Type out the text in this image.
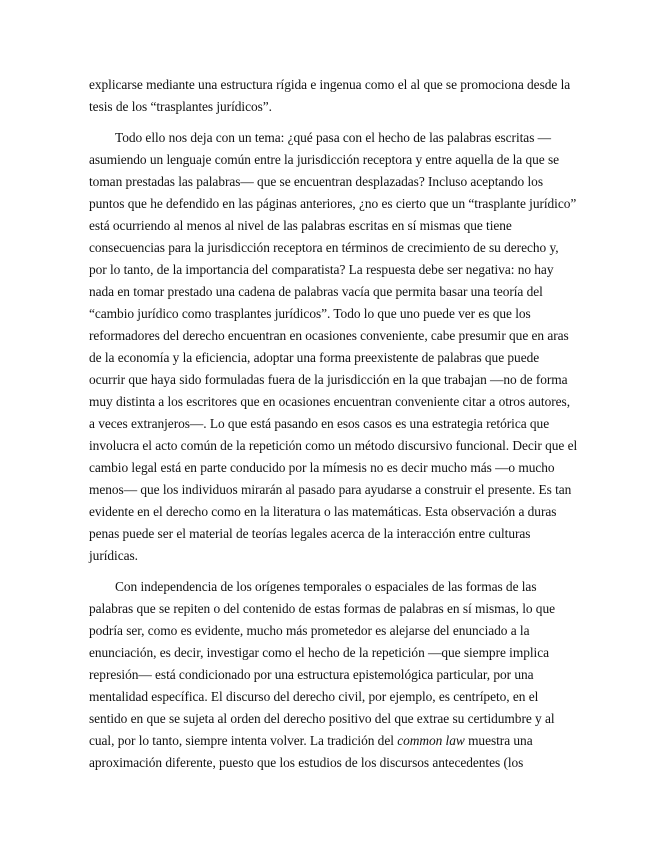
explicarse mediante una estructura rígida e ingenua como el al que se promociona desde la
tesis de los “trasplantes jurídicos”.
Todo ello nos deja con un tema: ¿qué pasa con el hecho de las palabras escritas —
asumiendo un lenguaje común entre la jurisdicción receptora y entre aquella de la que se
toman prestadas las palabras— que se encuentran desplazadas? Incluso aceptando los
puntos que he defendido en las páginas anteriores, ¿no es cierto que un “trasplante jurídico”
está ocurriendo al menos al nivel de las palabras escritas en sí mismas que tiene
consecuencias para la jurisdicción receptora en términos de crecimiento de su derecho y,
por lo tanto, de la importancia del comparatista? La respuesta debe ser negativa: no hay
nada en tomar prestado una cadena de palabras vacía que permita basar una teoría del
“cambio jurídico como trasplantes jurídicos”. Todo lo que uno puede ver es que los
reformadores del derecho encuentran en ocasiones conveniente, cabe presumir que en aras
de la economía y la eficiencia, adoptar una forma preexistente de palabras que puede
ocurrir que haya sido formuladas fuera de la jurisdicción en la que trabajan —no de forma
muy distinta a los escritores que en ocasiones encuentran conveniente citar a otros autores,
a veces extranjeros—. Lo que está pasando en esos casos es una estrategia retórica que
involucra el acto común de la repetición como un método discursivo funcional. Decir que el
cambio legal está en parte conducido por la mímesis no es decir mucho más —o mucho
menos— que los individuos mirarán al pasado para ayudarse a construir el presente. Es tan
evidente en el derecho como en la literatura o las matemáticas. Esta observación a duras
penas puede ser el material de teorías legales acerca de la interacción entre culturas
jurídicas.
Con independencia de los orígenes temporales o espaciales de las formas de las
palabras que se repiten o del contenido de estas formas de palabras en sí mismas, lo que
podría ser, como es evidente, mucho más prometedor es alejarse del enunciado a la
enunciación, es decir, investigar como el hecho de la repetición —que siempre implica
represión— está condicionado por una estructura epistemológica particular, por una
mentalidad específica. El discurso del derecho civil, por ejemplo, es centrípeto, en el
sentido en que se sujeta al orden del derecho positivo del que extrae su certidumbre y al
cual, por lo tanto, siempre intenta volver. La tradición del common law muestra una
aproximación diferente, puesto que los estudios de los discursos antecedentes (los
